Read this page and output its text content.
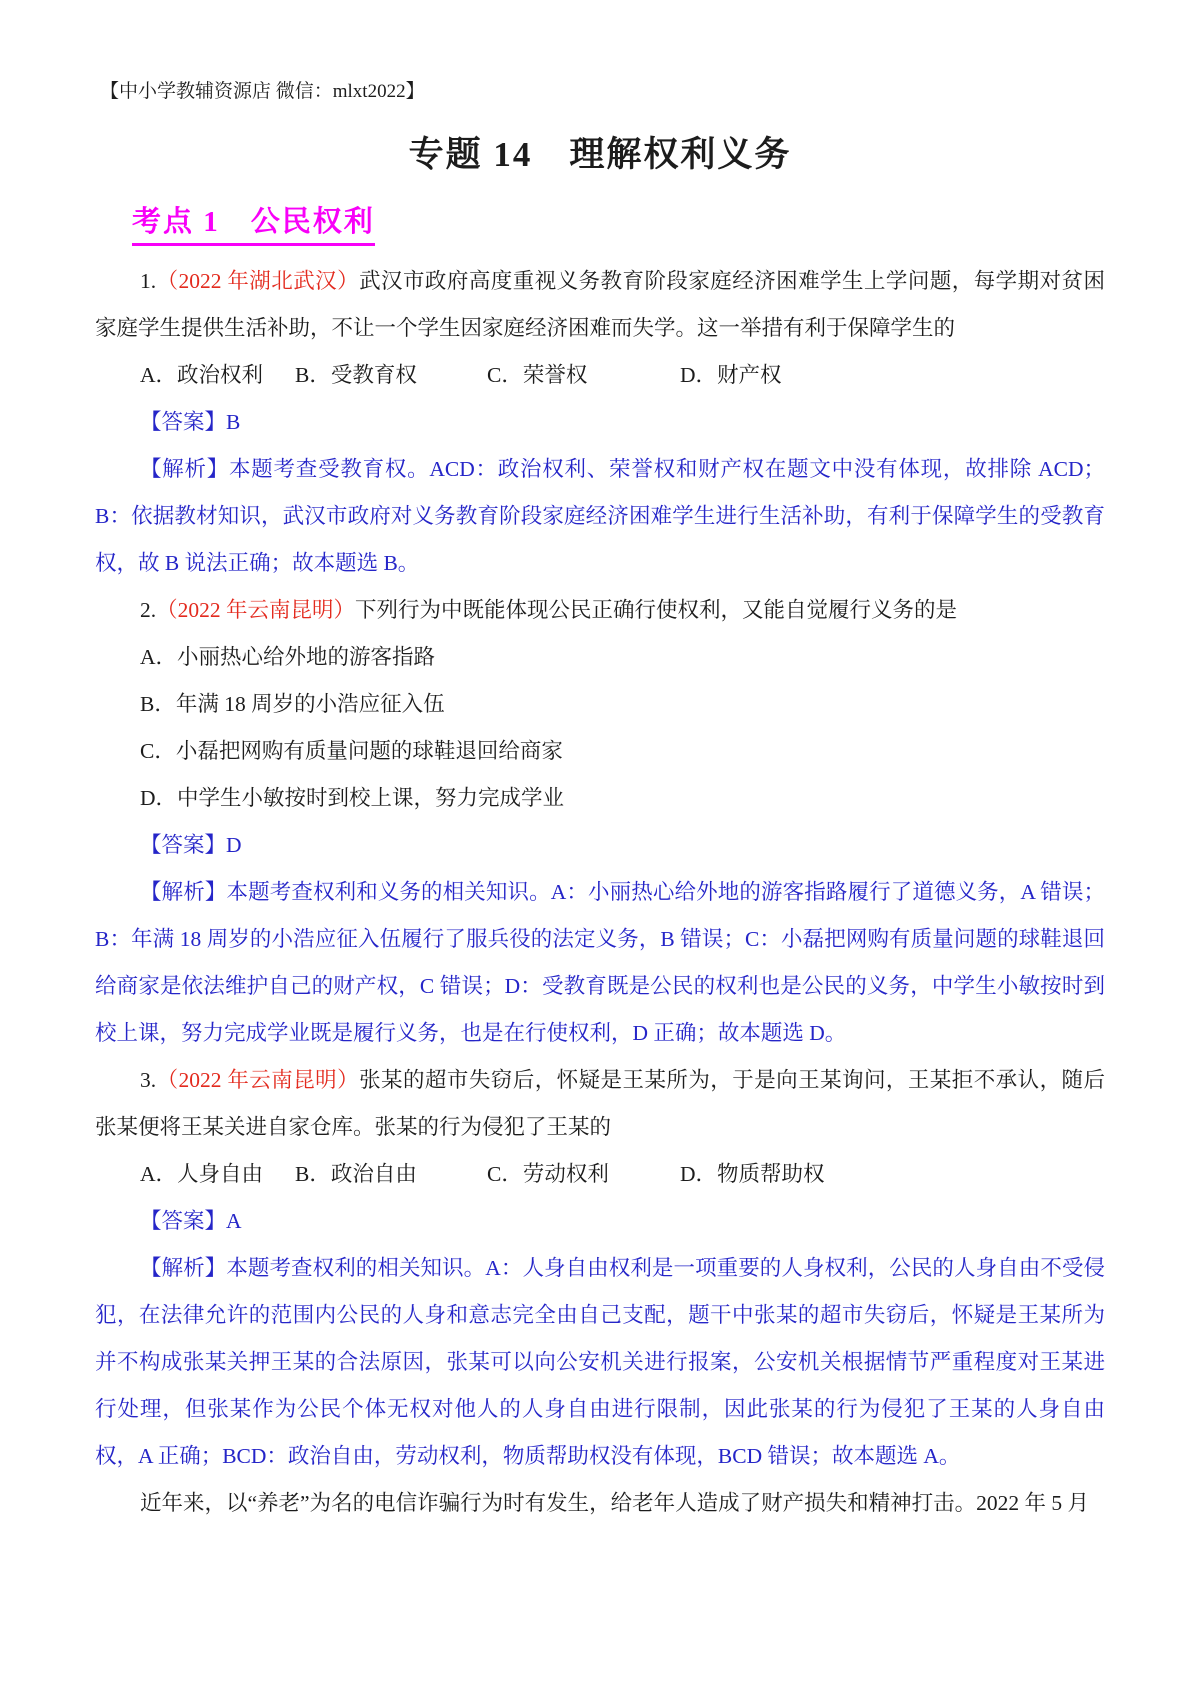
【中小学教辅资源店 微信：mlxt2022】
专题 14　理解权利义务
考点 1　公民权利

1.（2022 年湖北武汉）武汉市政府高度重视义务教育阶段家庭经济困难学生上学问题，每学期对贫困家庭学生提供生活补助，不让一个学生因家庭经济困难而失学。这一举措有利于保障学生的

A．政治权利	B．受教育权	C．荣誉权	D．财产权

【答案】B

【解析】本题考查受教育权。ACD：政治权利、荣誉权和财产权在题文中没有体现，故排除 ACD；B：依据教材知识，武汉市政府对义务教育阶段家庭经济困难学生进行生活补助，有利于保障学生的受教育权，故 B 说法正确；故本题选 B。

2.（2022 年云南昆明）下列行为中既能体现公民正确行使权利，又能自觉履行义务的是

A．小丽热心给外地的游客指路

B．年满 18 周岁的小浩应征入伍

C．小磊把网购有质量问题的球鞋退回给商家

D．中学生小敏按时到校上课，努力完成学业

【答案】D

【解析】本题考查权利和义务的相关知识。A：小丽热心给外地的游客指路履行了道德义务，A 错误；B：年满 18 周岁的小浩应征入伍履行了服兵役的法定义务，B 错误；C：小磊把网购有质量问题的球鞋退回给商家是依法维护自己的财产权，C 错误；D：受教育既是公民的权利也是公民的义务，中学生小敏按时到校上课，努力完成学业既是履行义务，也是在行使权利，D 正确；故本题选 D。

3.（2022 年云南昆明）张某的超市失窃后，怀疑是王某所为，于是向王某询问，王某拒不承认，随后张某便将王某关进自家仓库。张某的行为侵犯了王某的

A．人身自由	B．政治自由	C．劳动权利	D．物质帮助权

【答案】A

【解析】本题考查权利的相关知识。A：人身自由权利是一项重要的人身权利，公民的人身自由不受侵犯，在法律允许的范围内公民的人身和意志完全由自己支配，题干中张某的超市失窃后，怀疑是王某所为并不构成张某关押王某的合法原因，张某可以向公安机关进行报案，公安机关根据情节严重程度对王某进行处理，但张某作为公民个体无权对他人的人身自由进行限制，因此张某的行为侵犯了王某的人身自由权，A 正确；BCD：政治自由，劳动权利，物质帮助权没有体现，BCD 错误；故本题选 A。

近年来，以“养老”为名的电信诈骗行为时有发生，给老年人造成了财产损失和精神打击。2022 年 5 月
